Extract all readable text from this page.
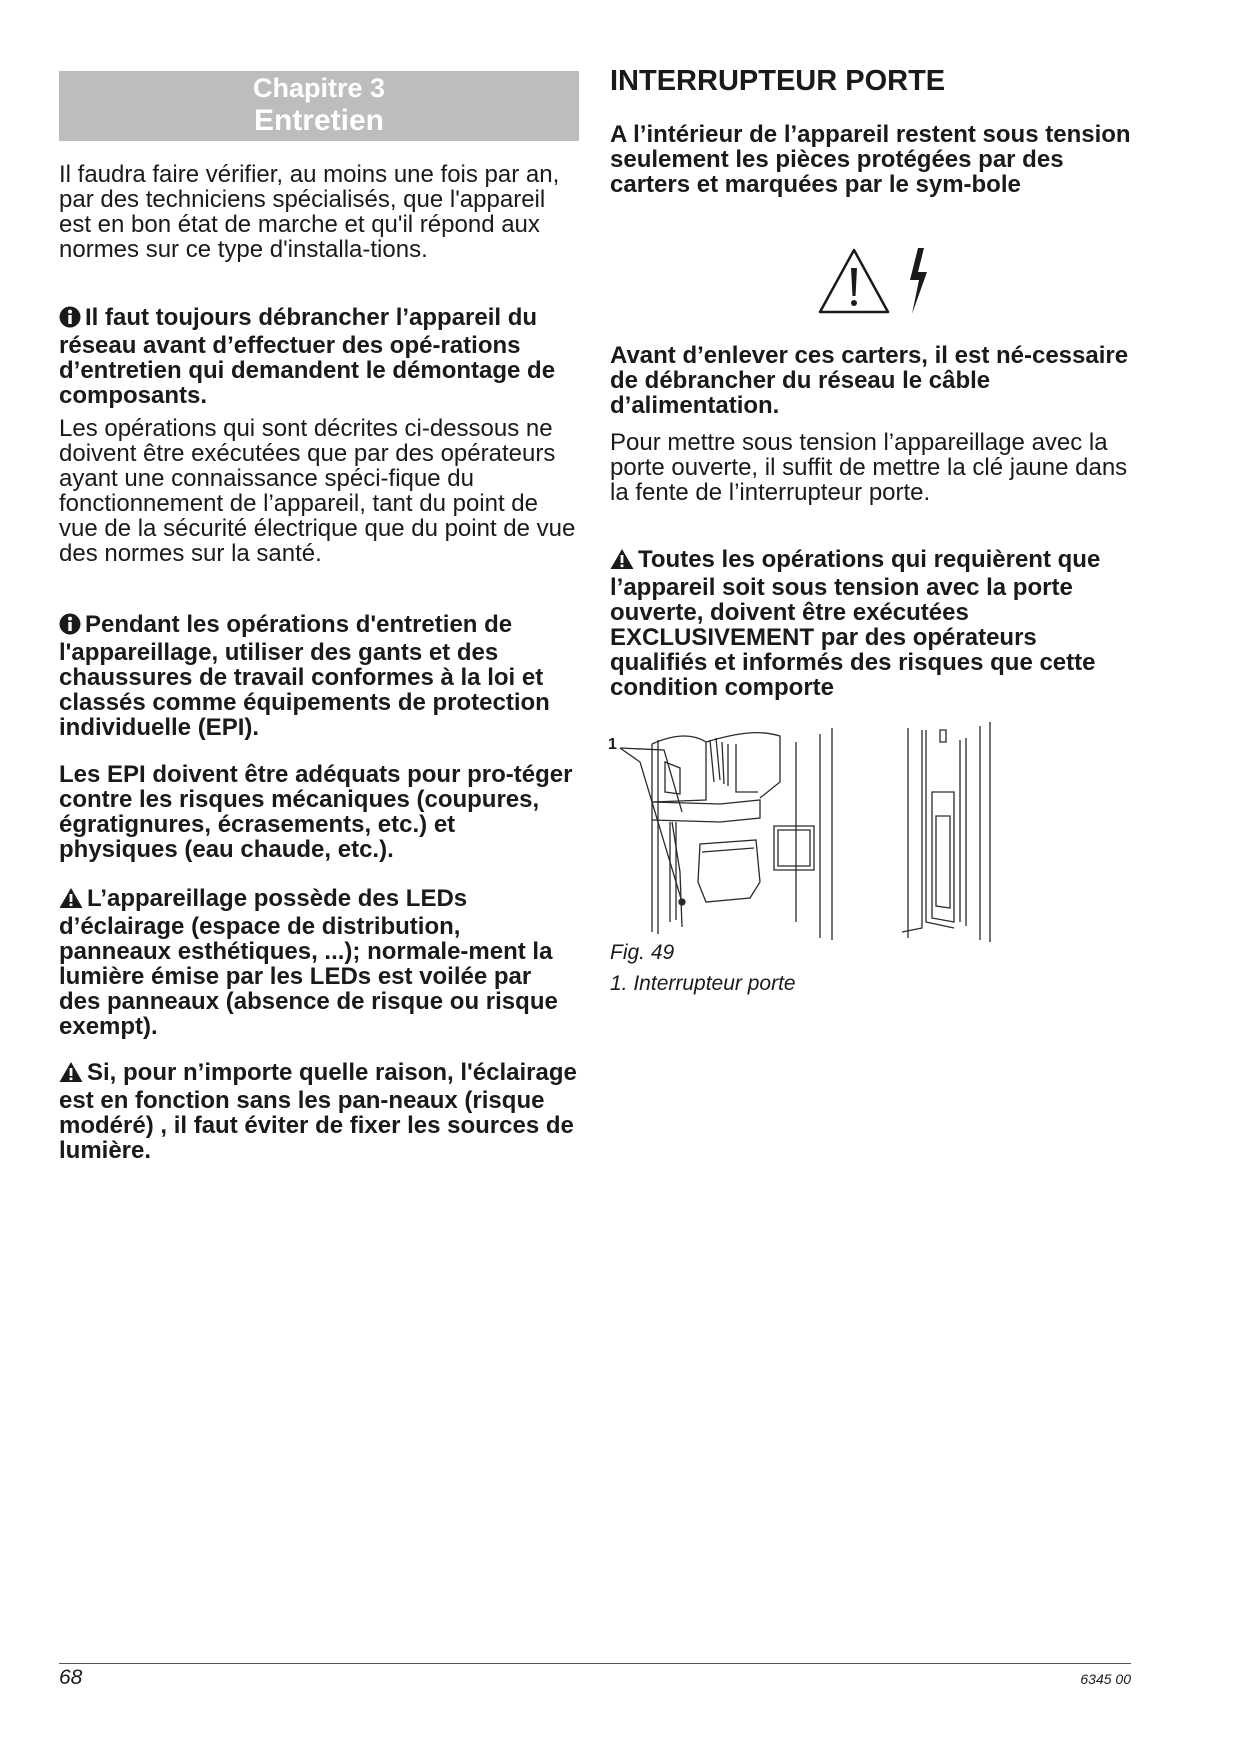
Chapitre 3
Entretien

Il faudra faire vérifier, au moins une fois par an, par des techniciens spécialisés, que l'appareil est en bon état de marche et qu'il répond aux normes sur ce type d'installa-tions.

Il faut toujours débrancher l’appareil du réseau avant d’effectuer des opé-rations d’entretien qui demandent le démontage de composants.

Les opérations qui sont décrites ci-dessous ne doivent être exécutées que par des opérateurs ayant une connaissance spéci-fique du fonctionnement de l’appareil, tant du point de vue de la sécurité électrique que du point de vue des normes sur la santé.

Pendant les opérations d'entretien de l'appareillage, utiliser des gants et des chaussures de travail conformes à la loi et classés comme équipements de protection individuelle (EPI).

Les EPI doivent être adéquats pour pro-téger contre les risques mécaniques (coupures, égratignures, écrasements, etc.) et physiques (eau chaude, etc.).

L’appareillage possède des LEDs d’éclairage (espace de distribution, panneaux esthétiques, ...); normale-ment la lumière émise par les LEDs est voilée par des panneaux (absence de risque ou risque exempt).
Si, pour n’importe quelle raison, l'éclairage est en fonction sans les pan-neaux (risque modéré) , il faut éviter de fixer les sources de lumière.
INTERRUPTEUR PORTE

A l’intérieur de l’appareil restent sous tension seulement les pièces protégées par des carters et marquées par le sym-bole

Avant d’enlever ces carters, il est né-cessaire de débrancher du réseau le câble d’alimentation.

Pour mettre sous tension l’appareillage avec la porte ouverte, il suffit de mettre la clé jaune dans la fente de l’interrupteur porte.

Toutes les opérations qui requièrent que l’appareil soit sous tension avec la porte ouverte, doivent être exécutées EXCLUSIVEMENT par des opérateurs qualifiés et informés des risques que cette condition comporte
1
Fig. 49
1. Interrupteur porte
68	6345 00
